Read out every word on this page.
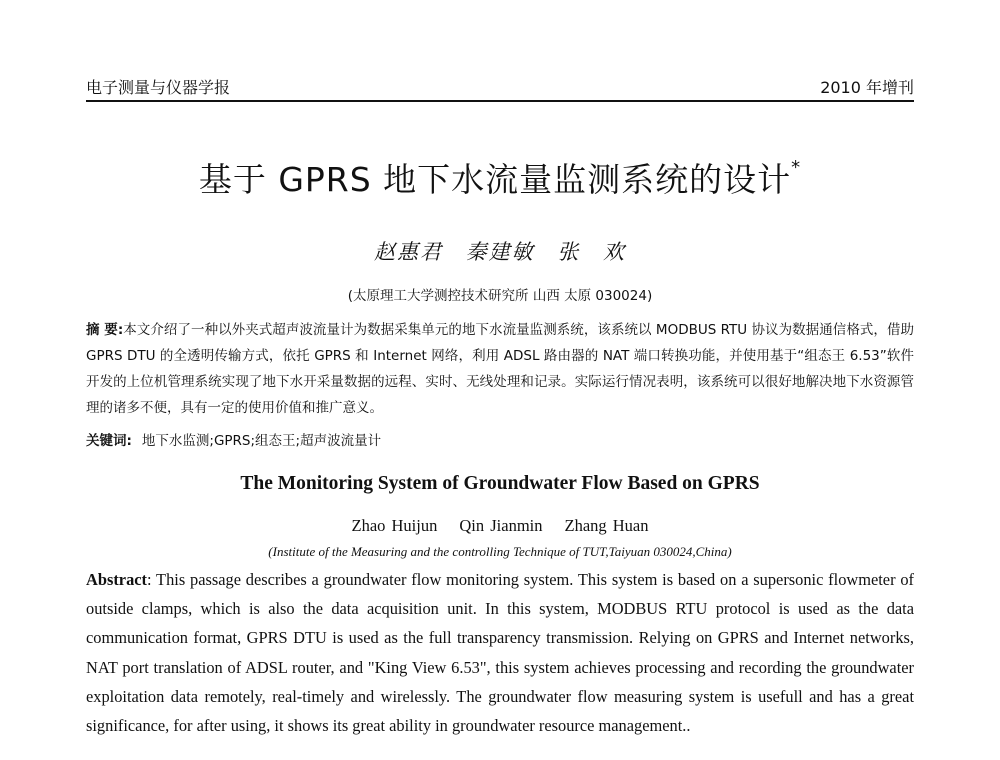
电子测量与仪器学报	2010 年增刊
基于 GPRS 地下水流量监测系统的设计*
赵惠君 秦建敏 张 欢
(太原理工大学测控技术研究所 山西 太原 030024)
摘 要:本文介绍了一种以外夹式超声波流量计为数据采集单元的地下水流量监测系统，该系统以 MODBUS RTU 协议为数据通信格式，借助 GPRS DTU 的全透明传输方式，依托 GPRS 和 Internet 网络，利用 ADSL 路由器的 NAT 端口转换功能，并使用基于“组态王 6.53”软件开发的上位机管理系统实现了地下水开采量数据的远程、实时、无线处理和记录。实际运行情况表明，该系统可以很好地解决地下水资源管理的诸多不便，具有一定的使用价值和推广意义。
关键词: 地下水监测;GPRS;组态王;超声波流量计
The Monitoring System of Groundwater Flow Based on GPRS
Zhao Huijun Qin Jianmin Zhang Huan
(Institute of the Measuring and the controlling Technique of TUT,Taiyuan 030024,China)
Abstract: This passage describes a groundwater flow monitoring system. This system is based on a supersonic flowmeter of outside clamps, which is also the data acquisition unit. In this system, MODBUS RTU protocol is used as the data communication format, GPRS DTU is used as the full transparency transmission. Relying on GPRS and Internet networks, NAT port translation of ADSL router, and "King View 6.53", this system achieves processing and recording the groundwater exploitation data remotely, real-timely and wirelessly. The groundwater flow measuring system is usefull and has a great significance, for after using, it shows its great ability in groundwater resource management..
